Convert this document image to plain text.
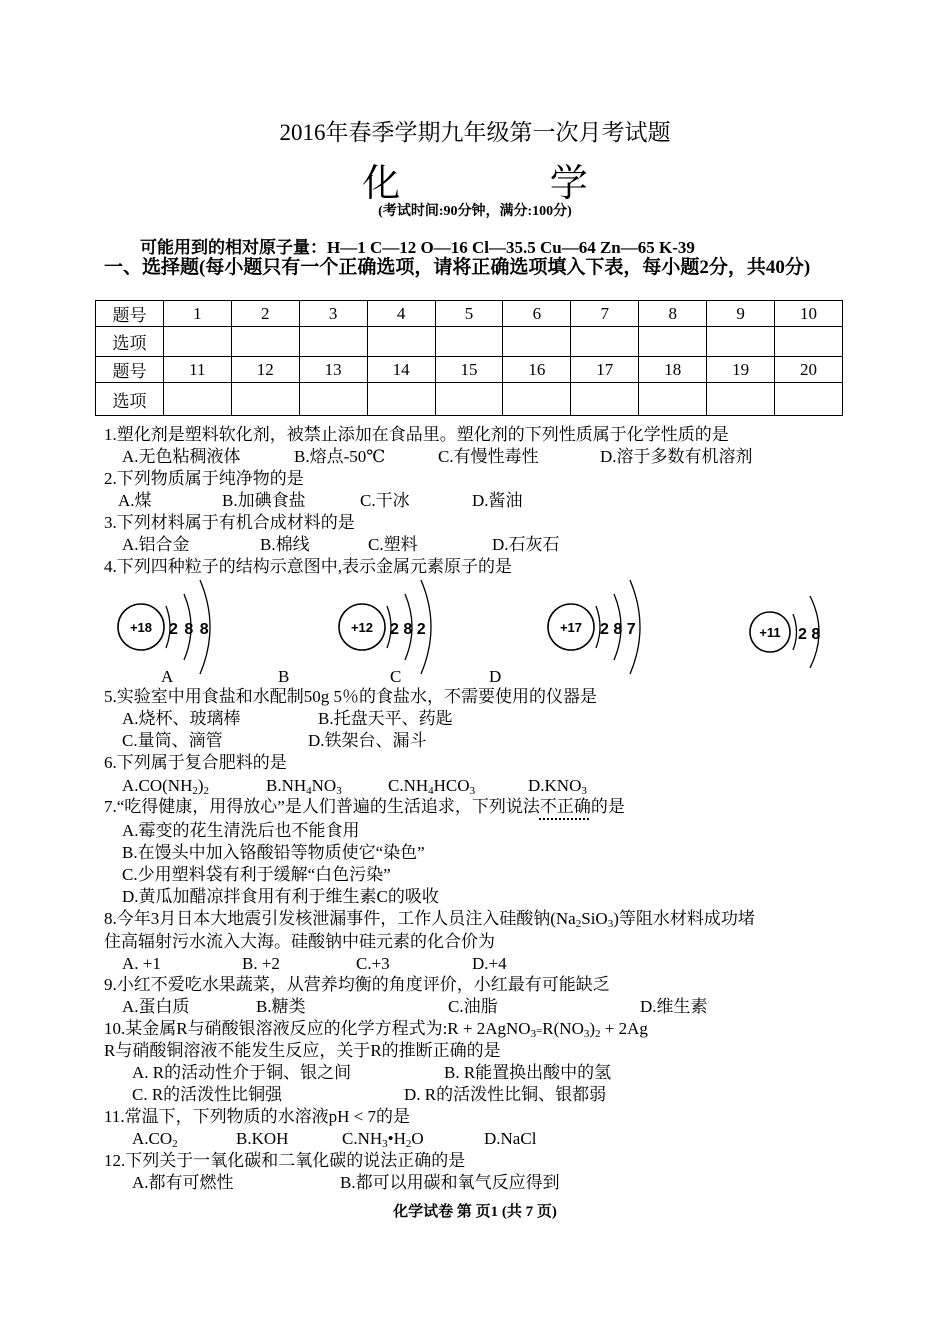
2016年春季学期九年级第一次月考试题
化 学
(考试时间:90分钟，满分:100分)
可能用到的相对原子量：H—1 C—12 O—16 Cl—35.5 Cu—64 Zn—65 K-39
一、选择题(每小题只有一个正确选项，请将正确选项填入下表，每小题2分，共40分)
题号	1	2	3	4	5	6	7	8	9	10
选项										
题号	11	12	13	14	15	16	17	18	19	20
选项										
1.塑化剂是塑料软化剂，被禁止添加在食品里。塑化剂的下列性质属于化学性质的是
A.无色粘稠液体	B.熔点-50℃	C.有慢性毒性	D.溶于多数有机溶剂
2.下列物质属于纯净物的是
A.煤	B.加碘食盐	C.干冰	D.酱油
3.下列材料属于有机合成材料的是
A.铝合金	B.棉线	C.塑料	D.石灰石
4.下列四种粒子的结构示意图中,表示金属元素原子的是
+18 2 8 8
A
+12 2 8 2
B
+17 2 8 7
C
+11 2 8
D
5.实验室中用食盐和水配制50g 5％的食盐水，不需要使用的仪器是
A.烧杯、玻璃棒	B.托盘天平、药匙
C.量筒、滴管	D.铁架台、漏斗
6.下列属于复合肥料的是
$A.CO(NH_2)_2$	$B.NH_4NO_3$	$C.NH_4HCO_3$	$D.KNO_3$
7.“吃得健康，用得放心”是人们普遍的生活追求，下列说法不正确的是
A.霉变的花生清洗后也不能食用
B.在馒头中加入铬酸铅等物质使它“染色”
C.少用塑料袋有利于缓解“白色污染”
D.黄瓜加醋凉拌食用有利于维生素C的吸收
8.今年3月日本大地震引发核泄漏事件，工作人员注入硅酸钠$(Na_2SiO_3)$等阻水材料成功堵
住高辐射污水流入大海。硅酸钠中硅元素的化合价为
A. +1	B. +2	C.+3	D.+4
9.小红不爱吃水果蔬菜，从营养均衡的角度评价，小红最有可能缺乏
A.蛋白质	B.糖类	C.油脂	D.维生素
10.某金属R与硝酸银溶液反应的化学方程式为:R + $2AgNO_3=R(NO_3)_2 + 2Ag$
R与硝酸铜溶液不能发生反应，关于R的推断正确的是
A. R的活动性介于铜、银之间	B. R能置换出酸中的氢
C. R的活泼性比铜强	D. R的活泼性比铜、银都弱
11.常温下，下列物质的水溶液pH < 7的是
$A.CO_2$	B.KOH	$C.NH_3•H_2O$	D.NaCl
12.下列关于一氧化碳和二氧化碳的说法正确的是
A.都有可燃性	B.都可以用碳和氧气反应得到
化学试卷 第 页1 (共 7 页)
